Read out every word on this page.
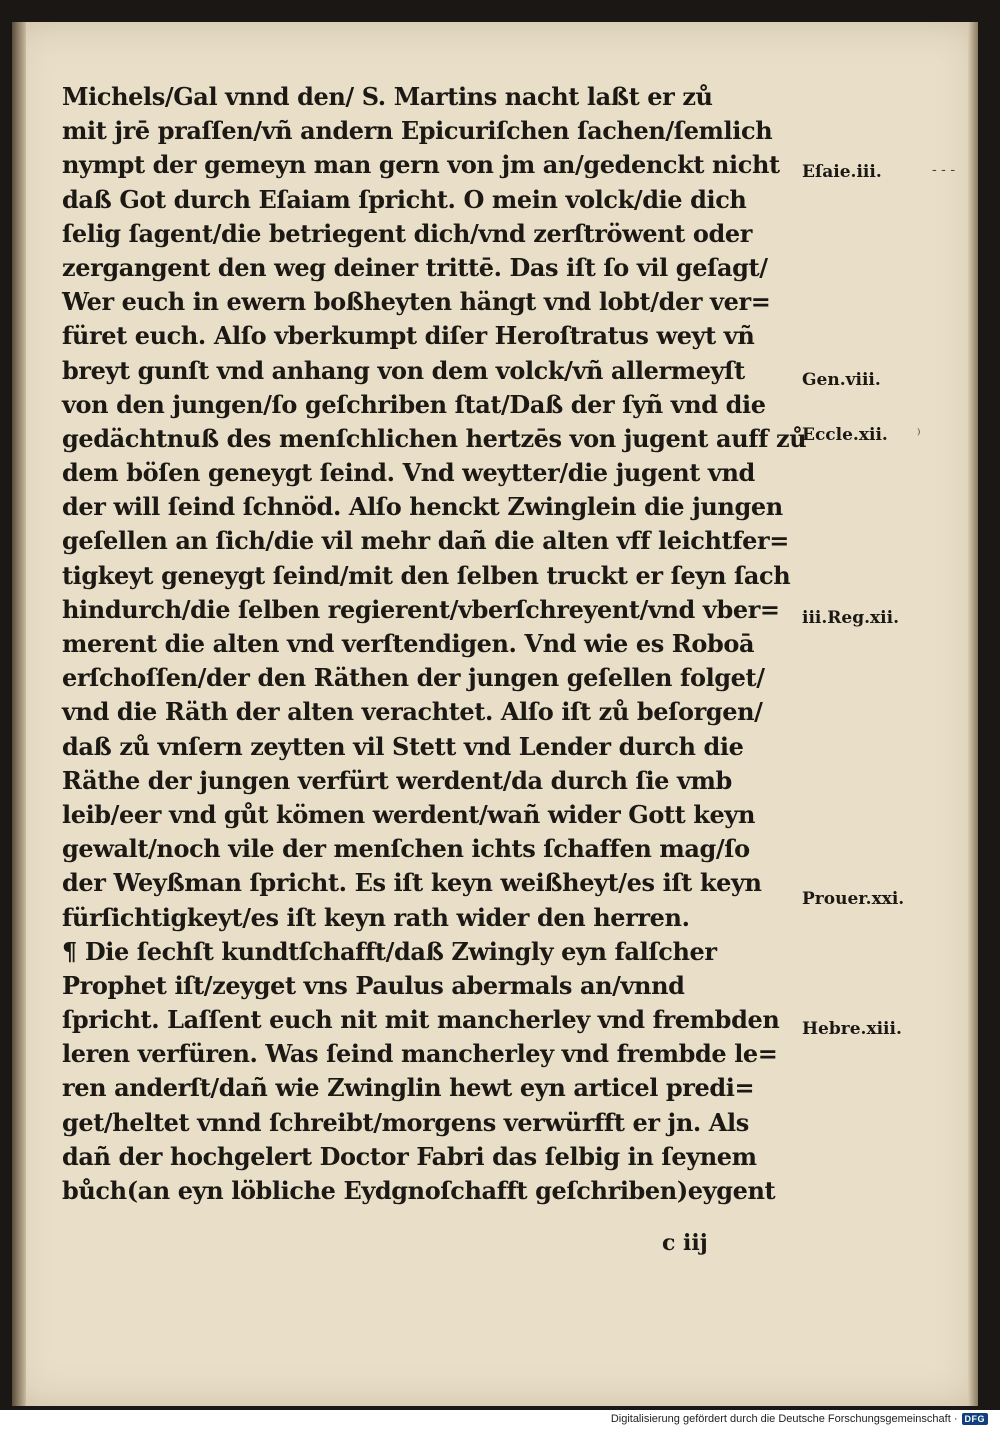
Michels/Gal vnnd den/ S. Martins nacht laßt er zů
mit jrē praſſen/vñ andern Epicuriſchen ſachen/ſemlich
nympt der gemeyn man gern von jm an/gedenckt nicht
daß Got durch Eſaiam ſpricht. O mein volck/die dich
ſelig ſagent/die betriegent dich/vnd zerſtröwent oder
zergangent den weg deiner trittē. Das iſt ſo vil geſagt/
Wer euch in ewern boßheyten hängt vnd lobt/der ver=
füret euch. Alſo vberkumpt diſer Heroſtratus weyt vñ
breyt gunſt vnd anhang von dem volck/vñ allermeyſt
von den jungen/ſo geſchriben ſtat/Daß der ſyñ vnd die
gedächtnuß des menſchlichen hertzēs von jugent auff zů
dem böſen geneygt ſeind. Vnd weytter/die jugent vnd
der will ſeind ſchnöd. Alſo henckt Zwinglein die jungen
geſellen an ſich/die vil mehr dañ die alten vff leichtfer=
tigkeyt geneygt ſeind/mit den ſelben truckt er ſeyn ſach
hindurch/die ſelben regierent/vberſchreyent/vnd vber=
merent die alten vnd verſtendigen. Vnd wie es Roboā
erſchoſſen/der den Räthen der jungen geſellen folget/
vnd die Räth der alten verachtet. Alſo iſt zů beſorgen/
daß zů vnſern zeytten vil Stett vnd Lender durch die
Räthe der jungen verfürt werdent/da durch ſie vmb
leib/eer vnd gůt kömen werdent/wañ wider Gott keyn
gewalt/noch vile der menſchen ichts ſchaffen mag/ſo
der Weyßman ſpricht. Es iſt keyn weißheyt/es iſt keyn
fürſichtigkeyt/es iſt keyn rath wider den herren.
¶ Die ſechſt kundtſchafft/daß Zwingly eyn falſcher
Prophet iſt/zeyget vns Paulus abermals an/vnnd
ſpricht. Laſſent euch nit mit mancherley vnd frembden
leren verfüren. Was ſeind mancherley vnd frembde le=
ren anderſt/dañ wie Zwinglin hewt eyn articel predi=
get/heltet vnnd ſchreibt/morgens verwürfft er jn. Als
dañ der hochgelert Doctor Fabri das ſelbig in ſeynem
bůch(an eyn löbliche Eydgnoſchafft geſchriben)eygent
Eſaie.iii.
Gen.viii.
Eccle.xii.
iii.Reg.xii.
Prouer.xxi.
Hebre.xiii.
- - -
⁾
c iij
Digitalisierung gefördert durch die Deutsche Forschungsgemeinschaft · DFG
